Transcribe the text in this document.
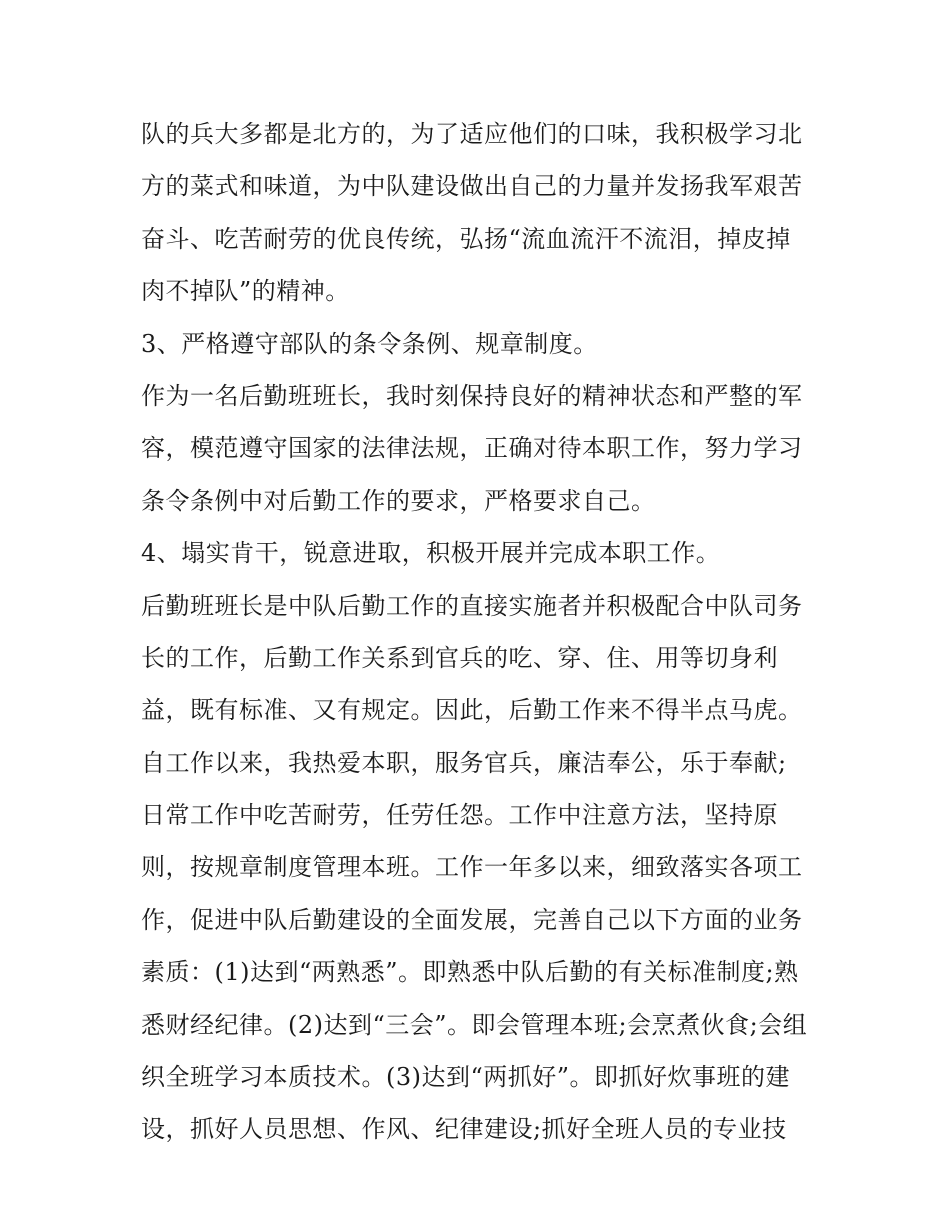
队的兵大多都是北方的，为了适应他们的口味，我积极学习北
方的菜式和味道，为中队建设做出自己的力量并发扬我军艰苦
奋斗、吃苦耐劳的优良传统，弘扬“流血流汗不流泪，掉皮掉
肉不掉队”的精神。
3、严格遵守部队的条令条例、规章制度。
作为一名后勤班班长，我时刻保持良好的精神状态和严整的军
容，模范遵守国家的法律法规，正确对待本职工作，努力学习
条令条例中对后勤工作的要求，严格要求自己。
4、塌实肯干，锐意进取，积极开展并完成本职工作。
后勤班班长是中队后勤工作的直接实施者并积极配合中队司务
长的工作，后勤工作关系到官兵的吃、穿、住、用等切身利
益，既有标准、又有规定。因此，后勤工作来不得半点马虎。
自工作以来，我热爱本职，服务官兵，廉洁奉公，乐于奉献;
日常工作中吃苦耐劳，任劳任怨。工作中注意方法，坚持原
则，按规章制度管理本班。工作一年多以来，细致落实各项工
作，促进中队后勤建设的全面发展，完善自己以下方面的业务
素质：(1)达到“两熟悉”。即熟悉中队后勤的有关标准制度;熟
悉财经纪律。(2)达到“三会”。即会管理本班;会烹煮伙食;会组
织全班学习本质技术。(3)达到“两抓好”。即抓好炊事班的建
设，抓好人员思想、作风、纪律建设;抓好全班人员的专业技
